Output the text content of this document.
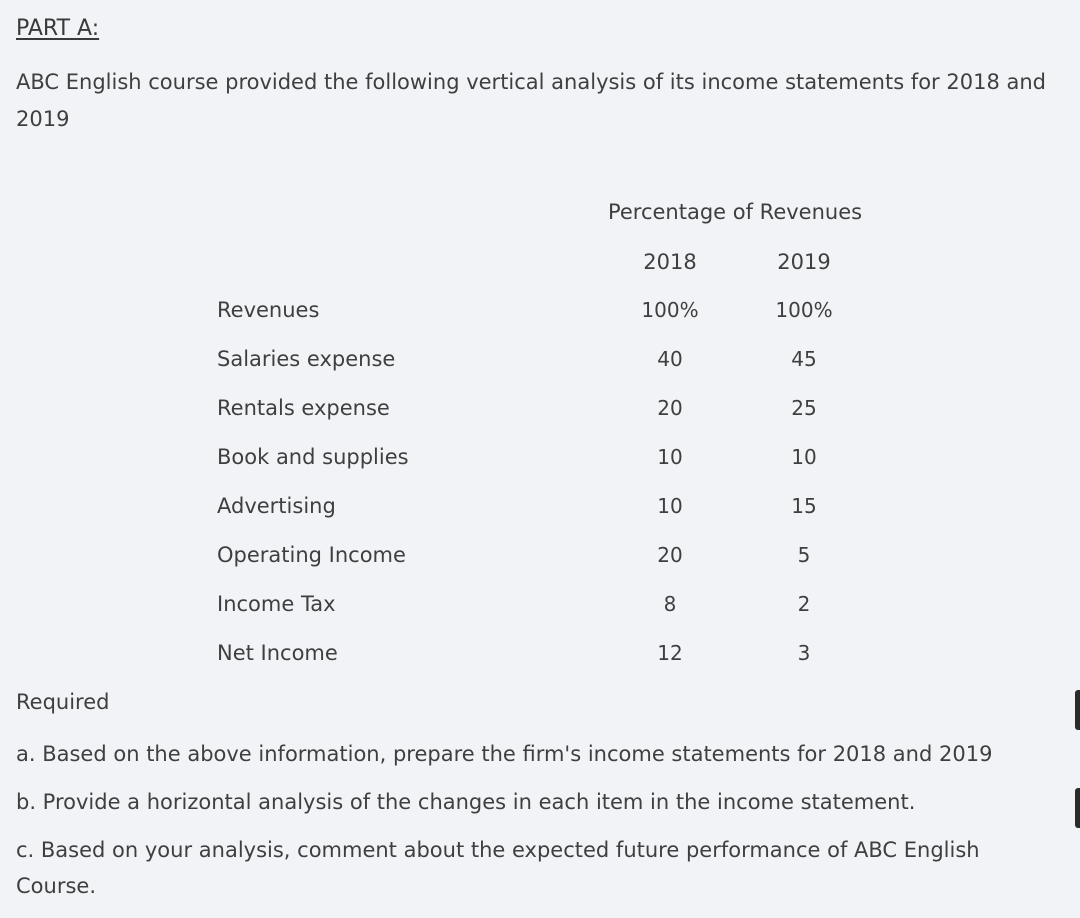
PART A:

ABC English course provided the following vertical analysis of its income statements for 2018 and 2019

Percentage of Revenues
2018	2019
Revenues	100%	100%
Salaries expense	40	45
Rentals expense	20	25
Book and supplies	10	10
Advertising	10	15
Operating Income	20	5
Income Tax	8	2
Net Income	12	3
Required
a. Based on the above information, prepare the firm's income statements for 2018 and 2019
b. Provide a horizontal analysis of the changes in each item in the income statement.
c. Based on your analysis, comment about the expected future performance of ABC English Course.
